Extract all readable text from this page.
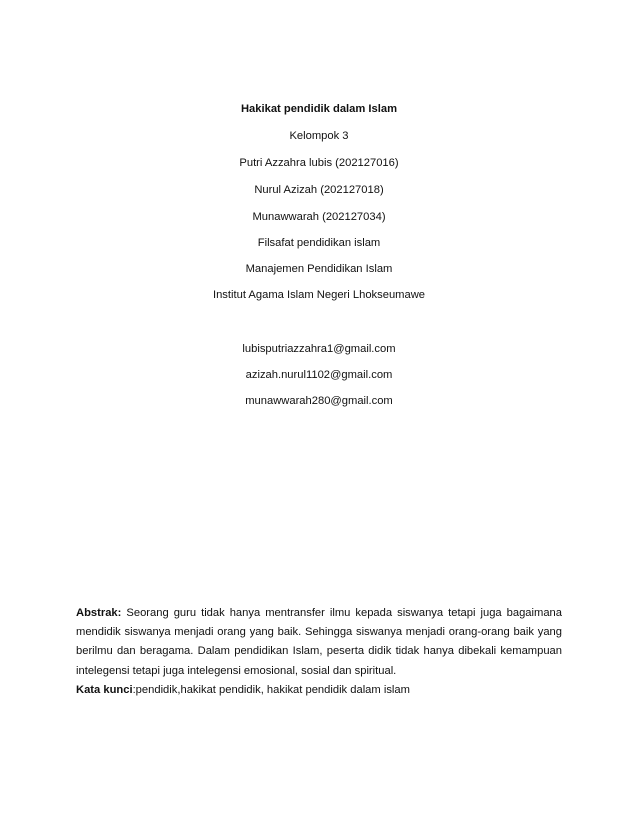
Hakikat pendidik dalam Islam
Kelompok 3
Putri Azzahra lubis (202127016)
Nurul Azizah (202127018)
Munawwarah (202127034)
Filsafat pendidikan islam
Manajemen Pendidikan Islam
Institut Agama Islam Negeri Lhokseumawe
lubisputriazzahra1@gmail.com
azizah.nurul1102@gmail.com
munawwarah280@gmail.com
Abstrak: Seorang guru tidak hanya mentransfer ilmu kepada siswanya tetapi juga bagaimana mendidik siswanya menjadi orang yang baik. Sehingga siswanya menjadi orang-orang baik yang berilmu dan beragama. Dalam pendidikan Islam, peserta didik tidak hanya dibekali kemampuan intelegensi tetapi juga intelegensi emosional, sosial dan spiritual.
Kata kunci:pendidik,hakikat pendidik, hakikat pendidik dalam islam
